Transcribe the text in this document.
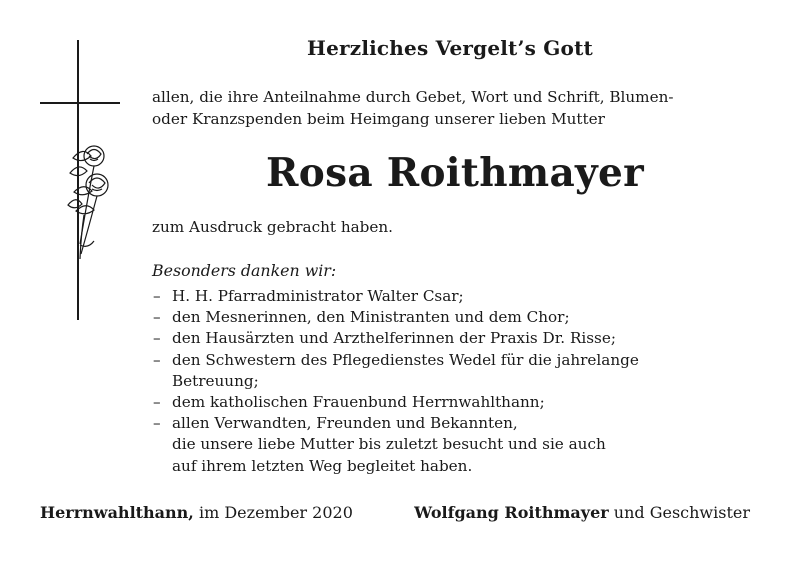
Herzliches Vergelt’s Gott
allen, die ihre Anteilnahme durch Gebet, Wort und Schrift, Blumen-
oder Kranzspenden beim Heimgang unserer lieben Mutter
Rosa Roithmayer
zum Ausdruck gebracht haben.
Besonders danken wir:
– H. H. Pfarradministrator Walter Csar;
– den Mesnerinnen, den Ministranten und dem Chor;
– den Hausärzten und Arzthelferinnen der Praxis Dr. Risse;
– den Schwestern des Pflegedienstes Wedel für die jahrelange
Betreuung;
– dem katholischen Frauenbund Herrnwahlthann;
– allen Verwandten, Freunden und Bekannten,
die unsere liebe Mutter bis zuletzt besucht und sie auch
auf ihrem letzten Weg begleitet haben.
Herrnwahlthann, im Dezember 2020	Wolfgang Roithmayer und Geschwister
